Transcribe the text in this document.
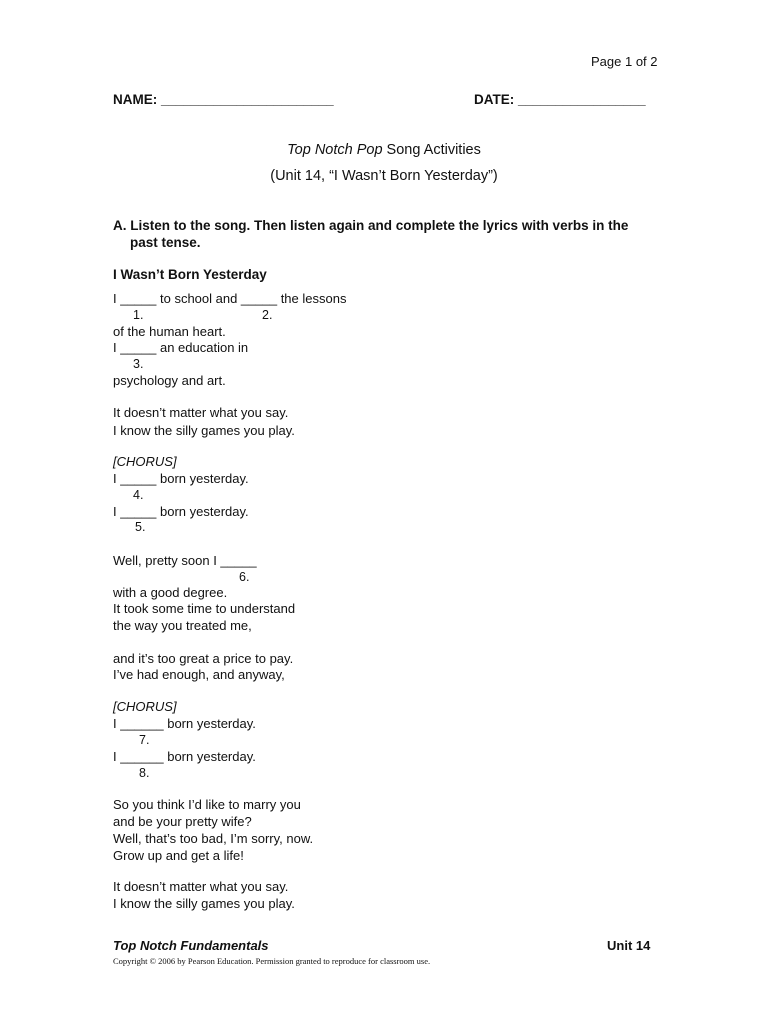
Page 1 of 2
NAME: _______________________	DATE: _________________
Top Notch Pop Song Activities
(Unit 14, “I Wasn’t Born Yesterday”)
A. Listen to the song. Then listen again and complete the lyrics with verbs in the
past tense.
I Wasn’t Born Yesterday
I _____ to school and _____ the lessons
1.	2.
of the human heart.
I _____ an education in
3.
psychology and art.
It doesn’t matter what you say.
I know the silly games you play.
[CHORUS]
I _____ born yesterday.
4.
I _____ born yesterday.
5.
Well, pretty soon I _____
6.
with a good degree.
It took some time to understand
the way you treated me,
and it’s too great a price to pay.
I’ve had enough, and anyway,
[CHORUS]
I ______ born yesterday.
7.
I ______ born yesterday.
8.
So you think I’d like to marry you
and be your pretty wife?
Well, that’s too bad, I’m sorry, now.
Grow up and get a life!
It doesn’t matter what you say.
I know the silly games you play.
Top Notch Fundamentals	Unit 14
Copyright © 2006 by Pearson Education. Permission granted to reproduce for classroom use.
